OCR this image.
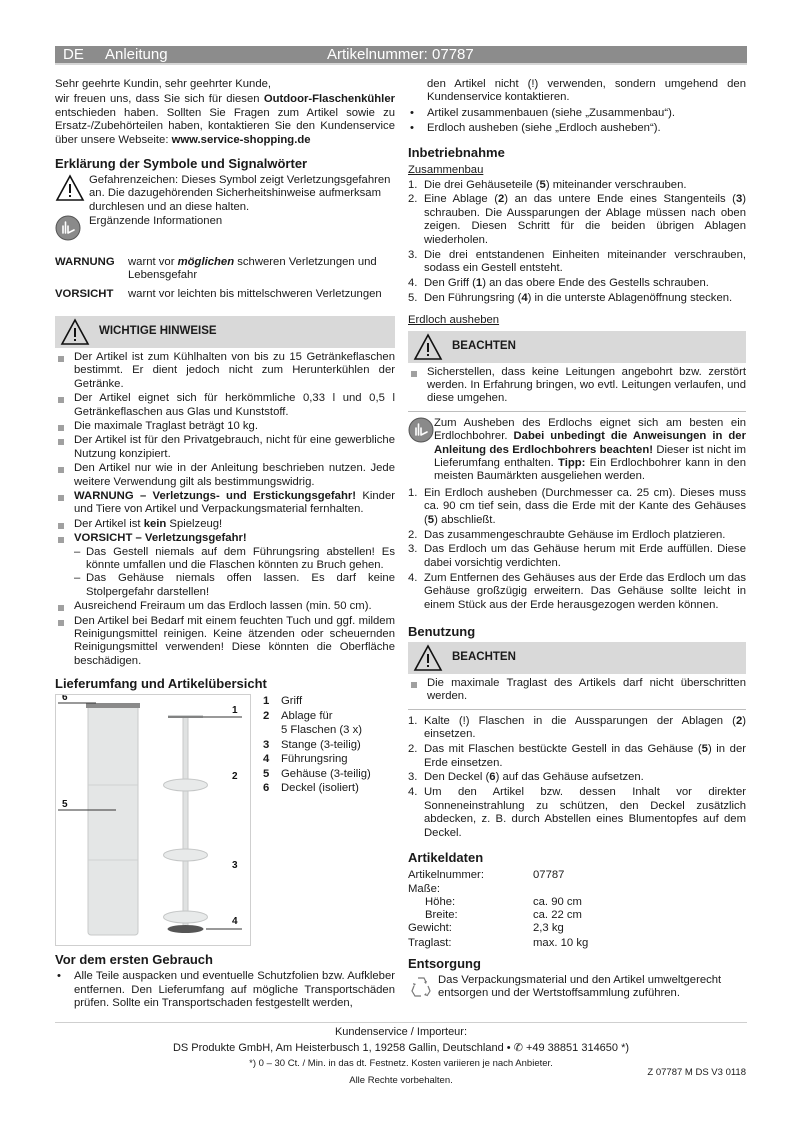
DE Anleitung	Artikelnummer: 07787

Sehr geehrte Kundin, sehr geehrter Kunde,

wir freuen uns, dass Sie sich für diesen Outdoor-Flaschenkühler entschieden haben. Sollten Sie Fragen zum Artikel sowie zu Ersatz-/Zubehörteilen haben, kontaktieren Sie den Kundenservice über unsere Webseite: www.service-shopping.de

Erklärung der Symbole und Signalwörter
Gefahrenzeichen: Dieses Symbol zeigt Verletzungsgefahren an. Die dazugehörenden Sicherheitshinweise aufmerksam durchlesen und an diese halten.
Ergänzende Informationen
WARNUNG	warnt vor möglichen schweren Verletzungen und Lebensgefahr
VORSICHT	warnt vor leichten bis mittelschweren Verletzungen
WICHTIGE HINWEISE
Der Artikel ist zum Kühlhalten von bis zu 15 Getränkeflaschen bestimmt. Er dient jedoch nicht zum Herunterkühlen der Getränke.
Der Artikel eignet sich für herkömmliche 0,33 l und 0,5 l Getränkeflaschen aus Glas und Kunststoff.
Die maximale Traglast beträgt 10 kg.
Der Artikel ist für den Privatgebrauch, nicht für eine gewerbliche Nutzung konzipiert.
Den Artikel nur wie in der Anleitung beschrieben nutzen. Jede weitere Verwendung gilt als bestimmungswidrig.
WARNUNG – Verletzungs- und Erstickungsgefahr! Kinder und Tiere von Artikel und Verpackungsmaterial fernhalten.
Der Artikel ist kein Spielzeug!
VORSICHT – Verletzungsgefahr!
– Das Gestell niemals auf dem Führungsring abstellen! Es könnte umfallen und die Flaschen könnten zu Bruch gehen.
– Das Gehäuse niemals offen lassen. Es darf keine Stolpergefahr darstellen!
Ausreichend Freiraum um das Erdloch lassen (min. 50 cm).
Den Artikel bei Bedarf mit einem feuchten Tuch und ggf. mildem Reinigungsmittel reinigen. Keine ätzenden oder scheuernden Reinigungsmittel verwenden! Diese könnten die Oberfläche beschädigen.
Lieferumfang und Artikelübersicht
6
1
2
5
3
4
1	Griff
2	Ablage für
5 Flaschen (3 x)
3	Stange (3-teilig)
4	Führungsring
5	Gehäuse (3-teilig)
6	Deckel (isoliert)
Vor dem ersten Gebrauch
• Alle Teile auspacken und eventuelle Schutzfolien bzw. Aufkleber entfernen. Den Lieferumfang auf mögliche Transportschäden prüfen. Sollte ein Transportschaden festgestellt werden,
den Artikel nicht (!) verwenden, sondern umgehend den Kundenservice kontaktieren.
• Artikel zusammenbauen (siehe „Zusammenbau“).
• Erdloch ausheben (siehe „Erdloch ausheben“).
Inbetriebnahme
Zusammenbau
1. Die drei Gehäuseteile (5) miteinander verschrauben.
2. Eine Ablage (2) an das untere Ende eines Stangenteils (3) schrauben. Die Aussparungen der Ablage müssen nach oben zeigen. Diesen Schritt für die beiden übrigen Ablagen wiederholen.
3. Die drei entstandenen Einheiten miteinander verschrauben, sodass ein Gestell entsteht.
4. Den Griff (1) an das obere Ende des Gestells schrauben.
5. Den Führungsring (4) in die unterste Ablagenöffnung stecken.
Erdloch ausheben
BEACHTEN
Sicherstellen, dass keine Leitungen angebohrt bzw. zerstört werden. In Erfahrung bringen, wo evtl. Leitungen verlaufen, und diese umgehen.

Zum Ausheben des Erdlochs eignet sich am besten ein Erdlochbohrer. Dabei unbedingt die Anweisungen in der Anleitung des Erdlochbohrers beachten! Dieser ist nicht im Lieferumfang enthalten. Tipp: Ein Erdlochbohrer kann in den meisten Baumärkten ausgeliehen werden.

1. Ein Erdloch ausheben (Durchmesser ca. 25 cm). Dieses muss ca. 90 cm tief sein, dass die Erde mit der Kante des Gehäuses (5) abschließt.
2. Das zusammengeschraubte Gehäuse im Erdloch platzieren.
3. Das Erdloch um das Gehäuse herum mit Erde auffüllen. Diese dabei vorsichtig verdichten.
4. Zum Entfernen des Gehäuses aus der Erde das Erdloch um das Gehäuse großzügig erweitern. Das Gehäuse sollte leicht in einem Stück aus der Erde herausgezogen werden können.
Benutzung
BEACHTEN
Die maximale Traglast des Artikels darf nicht überschritten werden.
1. Kalte (!) Flaschen in die Aussparungen der Ablagen (2) einsetzen.
2. Das mit Flaschen bestückte Gestell in das Gehäuse (5) in der Erde einsetzen.
3. Den Deckel (6) auf das Gehäuse aufsetzen.
4. Um den Artikel bzw. dessen Inhalt vor direkter Sonneneinstrahlung zu schützen, den Deckel zusätzlich abdecken, z. B. durch Abstellen eines Blumentopfes auf dem Deckel.
Artikeldaten
Artikelnummer:	07787
Maße:
Höhe:	ca. 90 cm
Breite:	ca. 22 cm
Gewicht:	2,3 kg
Traglast:	max. 10 kg
Entsorgung
Das Verpackungsmaterial und den Artikel umweltgerecht entsorgen und der Wertstoffsammlung zuführen.
Kundenservice / Importeur:
DS Produkte GmbH, Am Heisterbusch 1, 19258 Gallin, Deutschland • ✆ +49 38851 314650 *)
*) 0 – 30 Ct. / Min. in das dt. Festnetz. Kosten variieren je nach Anbieter.
Alle Rechte vorbehalten.
Z 07787 M DS V3 0118
